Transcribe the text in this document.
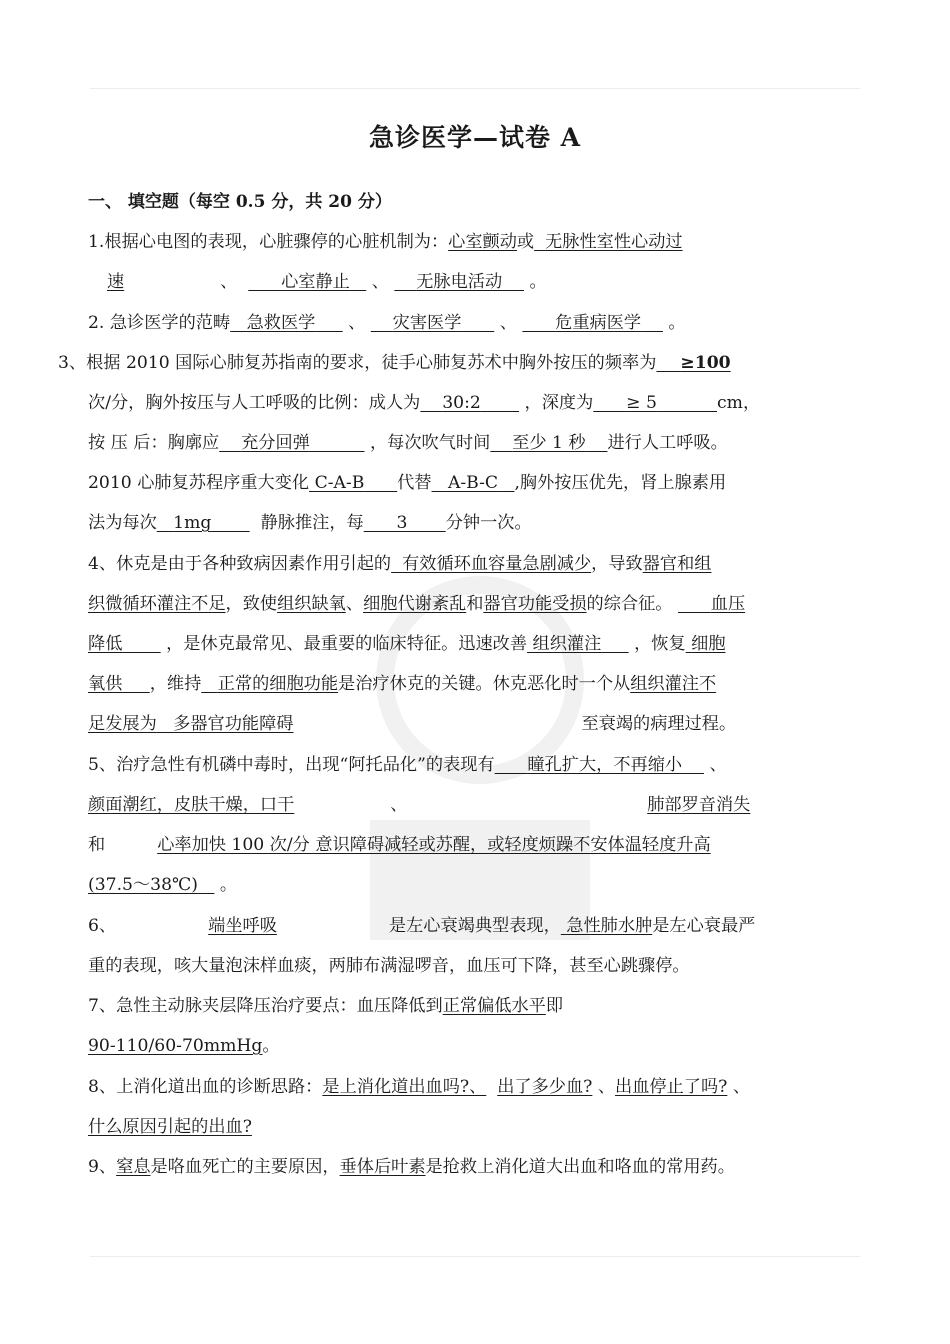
急诊医学—试卷 A
一、 填空题（每空 0.5 分，共 20 分）
1.根据心电图的表现，心脏骤停的心脏机制为：心室颤动或 无脉性室性心动过
速	、	心室静止 、 无脉电活动 。
2. 急诊医学的范畴 急救医学 、 灾害医学 、 危重病医学 。
3、根据 2010 国际心肺复苏指南的要求，徒手心肺复苏术中胸外按压的频率为 ≥100
次/分，胸外按压与人工呼吸的比例：成人为 30:2	，深度为 ≥ 5	cm，
按 压 后：胸廓应 充分回弹	，每次吹气时间 至少 1 秒 进行人工呼吸。
2010 心肺复苏程序重大变化 C-A-B 代替 A-B-C ,胸外按压优先，肾上腺素用
法为每次 1mg	静脉推注，每 3 分钟一次。
4、休克是由于各种致病因素作用引起的 有效循环血容量急剧减少，导致器官和组
织微循环灌注不足，致使组织缺氧、细胞代谢紊乱和器官功能受损的综合征。 血压
降低	，是休克最常见、最重要的临床特征。迅速改善 组织灌注 ，恢复 细胞
氧供 ，维持 正常的细胞功能是治疗休克的关键。休克恶化时一个从组织灌注不
足发展为 多器官功能障碍	至衰竭的病理过程。
5、治疗急性有机磷中毒时，出现“阿托品化”的表现有 瞳孔扩大，不再缩小 、
颜面潮红，皮肤干燥，口干	、	肺部罗音消失
和	心率加快 100 次/分 意识障碍减轻或苏醒，或轻度烦躁不安体温轻度升高
(37.5～38℃) 。
6、	端坐呼吸	是左心衰竭典型表现， 急性肺水肿是左心衰最严
重的表现，咳大量泡沫样血痰，两肺布满湿啰音，血压可下降，甚至心跳骤停。
7、急性主动脉夹层降压治疗要点：血压降低到正常偏低水平即
90-110/60-70mmHg。
8、上消化道出血的诊断思路：是上消化道出血吗?、 出了多少血? 、出血停止了吗? 、
什么原因引起的出血?
9、窒息是咯血死亡的主要原因，垂体后叶素是抢救上消化道大出血和咯血的常用药。
